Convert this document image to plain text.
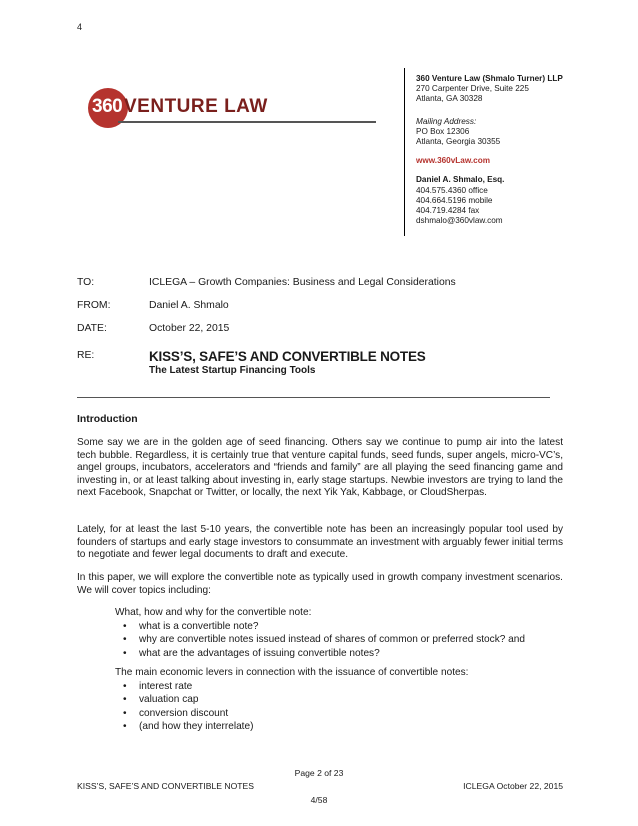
4
360 VENTURE LAW
360 Venture Law (Shmalo Turner) LLP
270 Carpenter Drive, Suite 225
Atlanta, GA 30328
Mailing Address:
PO Box 12306
Atlanta, Georgia 30355
www.360vLaw.com
Daniel A. Shmalo, Esq.
404.575.4360 office
404.664.5196 mobile
404.719.4284 fax
dshmalo@360vlaw.com
TO:	ICLEGA – Growth Companies: Business and Legal Considerations
FROM:	Daniel A. Shmalo
DATE:	October 22, 2015
RE:	KISS’S, SAFE’S AND CONVERTIBLE NOTES
The Latest Startup Financing Tools
Introduction
Some say we are in the golden age of seed financing. Others say we continue to pump air into the latest tech bubble. Regardless, it is certainly true that venture capital funds, seed funds, super angels, micro-VC’s, angel groups, incubators, accelerators and “friends and family” are all playing the seed financing game and investing in, or at least talking about investing in, early stage startups. Newbie investors are trying to land the next Facebook, Snapchat or Twitter, or locally, the next Yik Yak, Kabbage, or CloudSherpas.
Lately, for at least the last 5-10 years, the convertible note has been an increasingly popular tool used by founders of startups and early stage investors to consummate an investment with arguably fewer initial terms to negotiate and fewer legal documents to draft and execute.
In this paper, we will explore the convertible note as typically used in growth company investment scenarios. We will cover topics including:
What, how and why for the convertible note:
• what is a convertible note?
• why are convertible notes issued instead of shares of common or preferred stock? and
• what are the advantages of issuing convertible notes?
The main economic levers in connection with the issuance of convertible notes:
• interest rate
• valuation cap
• conversion discount
• (and how they interrelate)
Page 2 of 23
KISS’S, SAFE’S AND CONVERTIBLE NOTES	ICLEGA October 22, 2015
4/58
